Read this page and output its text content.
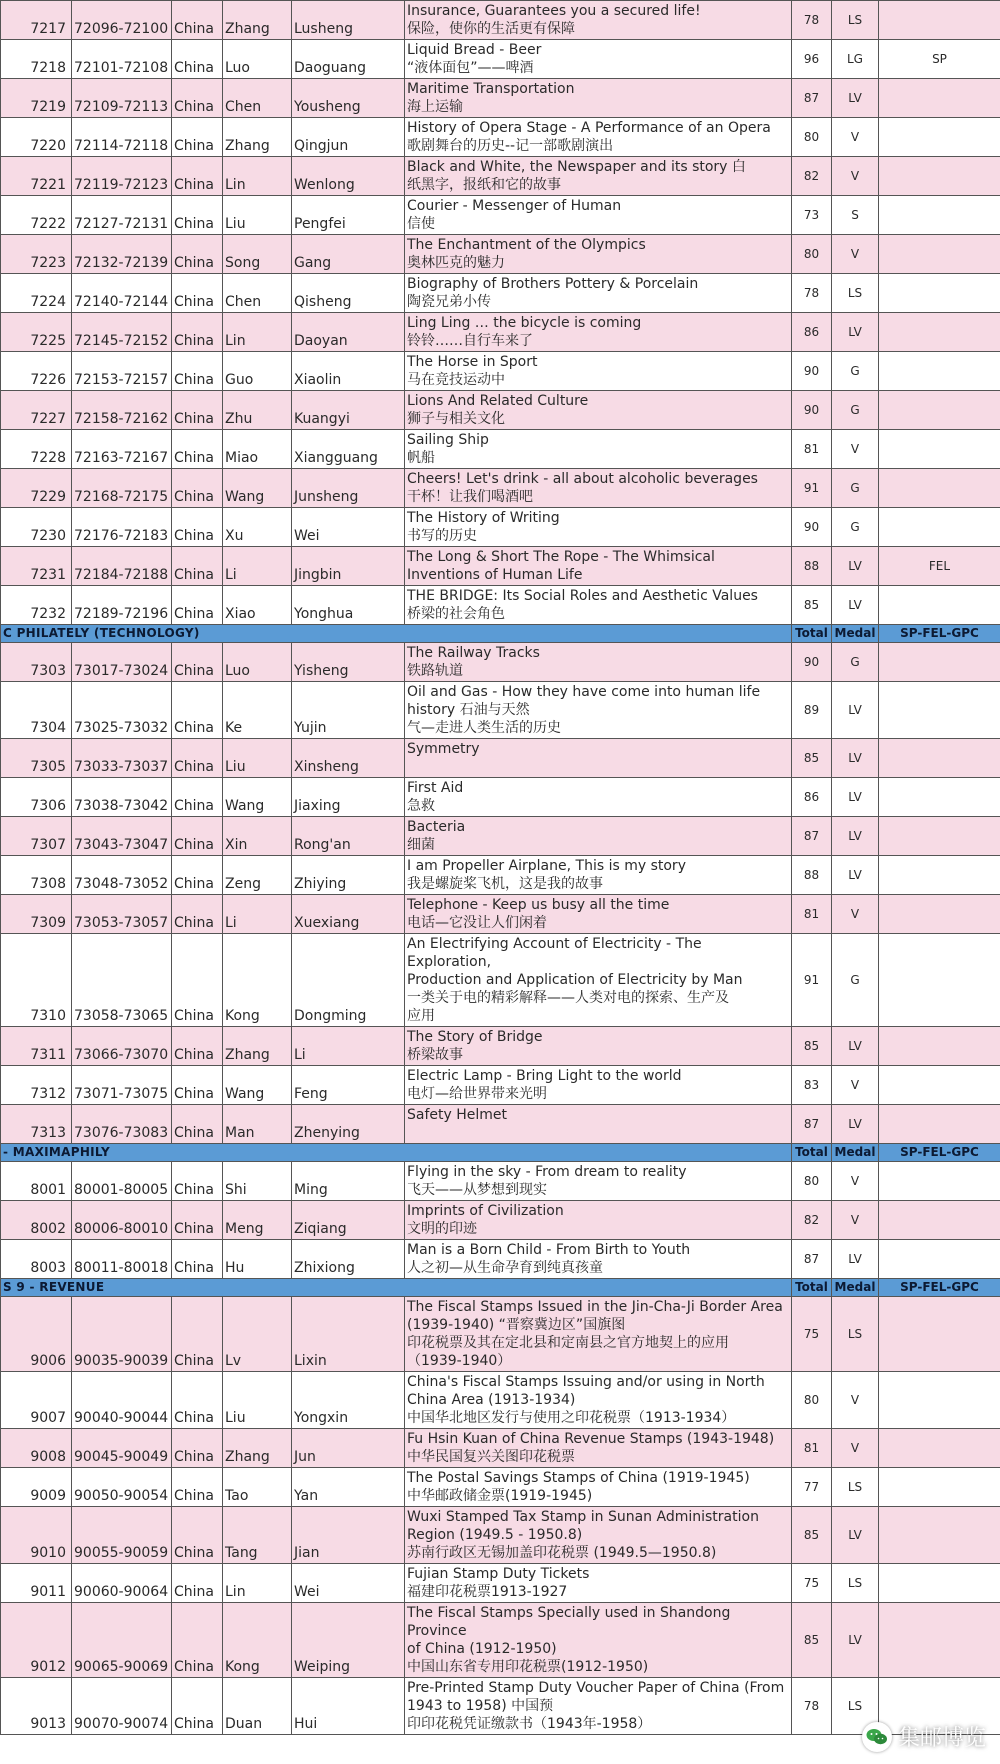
7217	72096-72100	China	Zhang	Lusheng	Insurance, Guarantees you a secured life!
保险，使你的生活更有保障	78	LS	
7218	72101-72108	China	Luo	Daoguang	Liquid Bread - Beer
“液体面包”——啤酒	96	LG	SP
7219	72109-72113	China	Chen	Yousheng	Maritime Transportation
海上运输	87	LV	
7220	72114-72118	China	Zhang	Qingjun	History of Opera Stage - A Performance of an Opera
歌剧舞台的历史--记一部歌剧演出	80	V	
7221	72119-72123	China	Lin	Wenlong	Black and White, the Newspaper and its story 白
纸黑字，报纸和它的故事	82	V	
7222	72127-72131	China	Liu	Pengfei	Courier - Messenger of Human
信使	73	S	
7223	72132-72139	China	Song	Gang	The Enchantment of the Olympics
奥林匹克的魅力	80	V	
7224	72140-72144	China	Chen	Qisheng	Biography of Brothers Pottery & Porcelain
陶瓷兄弟小传	78	LS	
7225	72145-72152	China	Lin	Daoyan	Ling Ling … the bicycle is coming
铃铃……自行车来了	86	LV	
7226	72153-72157	China	Guo	Xiaolin	The Horse in Sport
马在竞技运动中	90	G	
7227	72158-72162	China	Zhu	Kuangyi	Lions And Related Culture
狮子与相关文化	90	G	
7228	72163-72167	China	Miao	Xiangguang	Sailing Ship
帆船	81	V	
7229	72168-72175	China	Wang	Junsheng	Cheers! Let's drink - all about alcoholic beverages
干杯！让我们喝酒吧	91	G	
7230	72176-72183	China	Xu	Wei	The History of Writing
书写的历史	90	G	
7231	72184-72188	China	Li	Jingbin	The Long & Short The Rope - The Whimsical
Inventions of Human Life	88	LV	FEL
7232	72189-72196	China	Xiao	Yonghua	THE BRIDGE: Its Social Roles and Aesthetic Values
桥梁的社会角色	85	LV	
C PHILATELY (TECHNOLOGY)						Total	Medal	SP-FEL-GPC
7303	73017-73024	China	Luo	Yisheng	The Railway Tracks
铁路轨道	90	G	
7304	73025-73032	China	Ke	Yujin	Oil and Gas - How they have come into human life
history 石油与天然
气—走进人类生活的历史	89	LV	
7305	73033-73037	China	Liu	Xinsheng	Symmetry	85	LV	
7306	73038-73042	China	Wang	Jiaxing	First Aid
急救	86	LV	
7307	73043-73047	China	Xin	Rong'an	Bacteria
细菌	87	LV	
7308	73048-73052	China	Zeng	Zhiying	I am Propeller Airplane, This is my story
我是螺旋桨飞机，这是我的故事	88	LV	
7309	73053-73057	China	Li	Xuexiang	Telephone - Keep us busy all the time
电话—它没让人们闲着	81	V	
7310	73058-73065	China	Kong	Dongming	An Electrifying Account of Electricity - The Exploration,
Production and Application of Electricity by Man
一类关于电的精彩解释——人类对电的探索、生产及
应用	91	G	
7311	73066-73070	China	Zhang	Li	The Story of Bridge
桥梁故事	85	LV	
7312	73071-73075	China	Wang	Feng	Electric Lamp - Bring Light to the world
电灯—给世界带来光明	83	V	
7313	73076-73083	China	Man	Zhenying	Safety Helmet	87	LV	
- MAXIMAPHILY						Total	Medal	SP-FEL-GPC
8001	80001-80005	China	Shi	Ming	Flying in the sky - From dream to reality
飞天——从梦想到现实	80	V	
8002	80006-80010	China	Meng	Ziqiang	Imprints of Civilization
文明的印迹	82	V	
8003	80011-80018	China	Hu	Zhixiong	Man is a Born Child - From Birth to Youth
人之初—从生命孕育到纯真孩童	87	LV	
S 9 - REVENUE						Total	Medal	SP-FEL-GPC
9006	90035-90039	China	Lv	Lixin	The Fiscal Stamps Issued in the Jin-Cha-Ji Border Area
(1939-1940) “晋察冀边区”国旗图
印花税票及其在定北县和定南县之官方地契上的应用
（1939-1940）	75	LS	
9007	90040-90044	China	Liu	Yongxin	China's Fiscal Stamps Issuing and/or using in North
China Area (1913-1934)
中国华北地区发行与使用之印花税票（1913-1934）	80	V	
9008	90045-90049	China	Zhang	Jun	Fu Hsin Kuan of China Revenue Stamps (1943-1948)
中华民国复兴关图印花税票	81	V	
9009	90050-90054	China	Tao	Yan	The Postal Savings Stamps of China (1919-1945)
中华邮政储金票(1919-1945)	77	LS	
9010	90055-90059	China	Tang	Jian	Wuxi Stamped Tax Stamp in Sunan Administration
Region (1949.5 - 1950.8)
苏南行政区无锡加盖印花税票 (1949.5—1950.8)	85	LV	
9011	90060-90064	China	Lin	Wei	Fujian Stamp Duty Tickets
福建印花税票1913-1927	75	LS	
9012	90065-90069	China	Kong	Weiping	The Fiscal Stamps Specially used in Shandong Province
of China (1912-1950)
中国山东省专用印花税票(1912-1950)	85	LV	
9013	90070-90074	China	Duan	Hui	Pre-Printed Stamp Duty Voucher Paper of China (From
1943 to 1958) 中国预
印印花税凭证缴款书（1943年-1958）	78	LS	
集邮博览
